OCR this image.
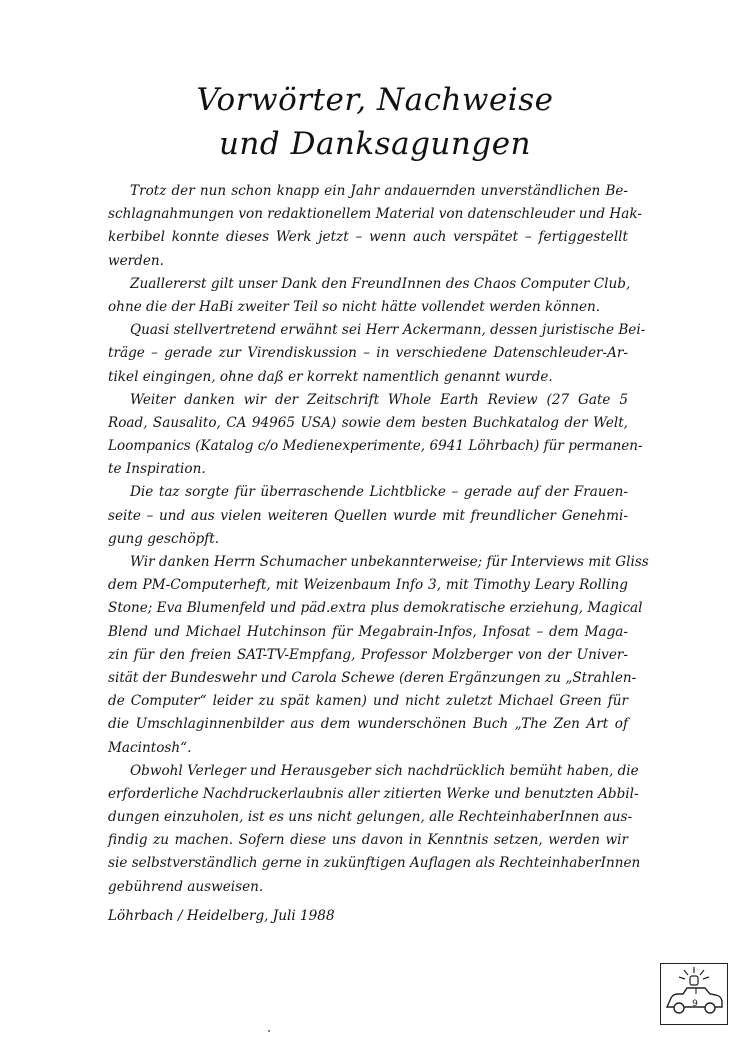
Vorwörter, Nachweise
und Danksagungen
Trotz der nun schon knapp ein Jahr andauernden unverständlichen Be-
schlagnahmungen von redaktionellem Material von datenschleuder und Hak-
kerbibel konnte dieses Werk jetzt – wenn auch verspätet – fertiggestellt
werden.
Zuallererst gilt unser Dank den FreundInnen des Chaos Computer Club,
ohne die der HaBi zweiter Teil so nicht hätte vollendet werden können.
Quasi stellvertretend erwähnt sei Herr Ackermann, dessen juristische Bei-
träge – gerade zur Virendiskussion – in verschiedene Datenschleuder-Ar-
tikel eingingen, ohne daß er korrekt namentlich genannt wurde.
Weiter danken wir der Zeitschrift Whole Earth Review (27 Gate 5
Road, Sausalito, CA 94965 USA) sowie dem besten Buchkatalog der Welt,
Loompanics (Katalog c/o Medienexperimente, 6941 Löhrbach) für permanen-
te Inspiration.
Die taz sorgte für überraschende Lichtblicke – gerade auf der Frauen-
seite – und aus vielen weiteren Quellen wurde mit freundlicher Genehmi-
gung geschöpft.
Wir danken Herrn Schumacher unbekannterweise; für Interviews mit Gliss
dem PM-Computerheft, mit Weizenbaum Info 3, mit Timothy Leary Rolling
Stone; Eva Blumenfeld und päd.extra plus demokratische erziehung, Magical
Blend und Michael Hutchinson für Megabrain-Infos, Infosat – dem Maga-
zin für den freien SAT-TV-Empfang, Professor Molzberger von der Univer-
sität der Bundeswehr und Carola Schewe (deren Ergänzungen zu „Strahlen-
de Computer“ leider zu spät kamen) und nicht zuletzt Michael Green für
die Umschlaginnenbilder aus dem wunderschönen Buch „The Zen Art of
Macintosh“.
Obwohl Verleger und Herausgeber sich nachdrücklich bemüht haben, die
erforderliche Nachdruckerlaubnis aller zitierten Werke und benutzten Abbil-
dungen einzuholen, ist es uns nicht gelungen, alle RechteinhaberInnen aus-
findig zu machen. Sofern diese uns davon in Kenntnis setzen, werden wir
sie selbstverständlich gerne in zukünftigen Auflagen als RechteinhaberInnen
gebührend ausweisen.
Löhrbach / Heidelberg, Juli 1988
9
